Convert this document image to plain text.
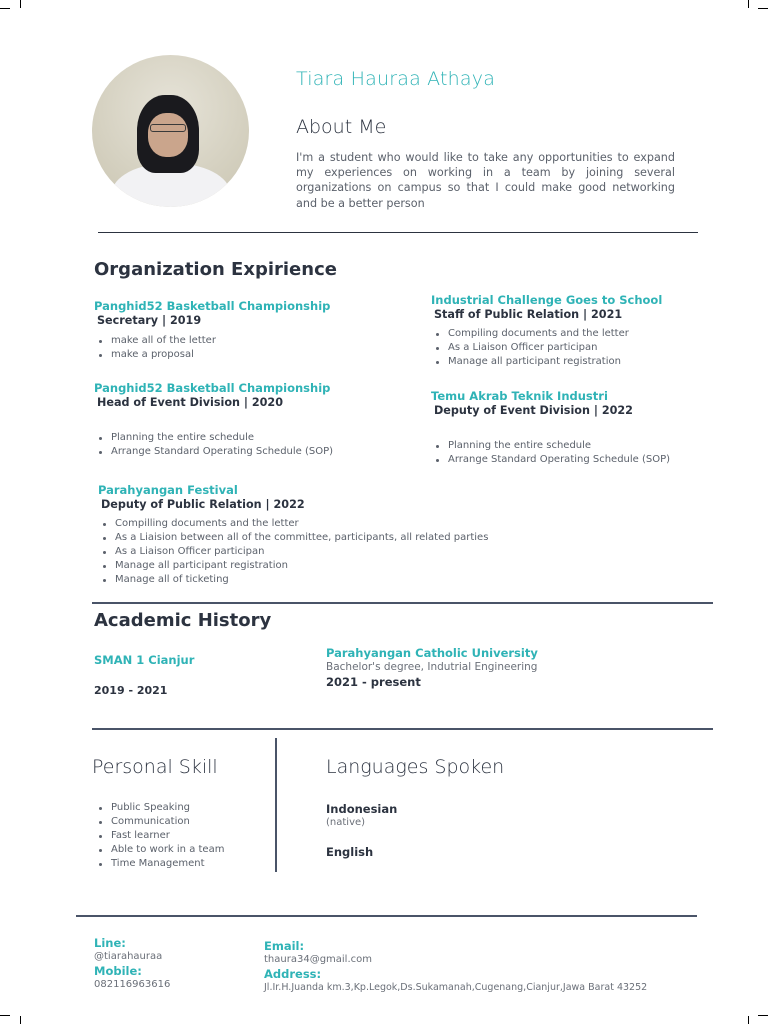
Tiara Hauraa Athaya
About Me
I'm a student who would like to take any opportunities to expand my experiences on working in a team by joining several organizations on campus so that I could make good networking and be a better person
Organization Expirience
Panghid52 Basketball Championship
Secretary | 2019
make all of the letter
make a proposal
Industrial Challenge Goes to School
Staff of Public Relation | 2021
Compiling documents and the letter
As a Liaison Officer participan
Manage all participant registration
Panghid52 Basketball Championship
Head of Event Division | 2020
Planning the entire schedule
Arrange Standard Operating Schedule (SOP)
Temu Akrab Teknik Industri
Deputy of Event Division | 2022
Planning the entire schedule
Arrange Standard Operating Schedule (SOP)
Parahyangan Festival
Deputy of Public Relation | 2022
Compilling documents and the letter
As a Liaision between all of the committee, participants, all related parties
As a Liaison Officer participan
Manage all participant registration
Manage all of ticketing
Academic History
SMAN 1 Cianjur
2019 - 2021
Parahyangan Catholic University
Bachelor's degree, Indutrial Engineering
2021 - present
Personal Skill
Public Speaking
Communication
Fast learner
Able to work in a team
Time Management
Languages Spoken
Indonesian
(native)
English
Line:
@tiarahauraa
Mobile:
082116963616
Email:
thaura34@gmail.com
Address:
Jl.Ir.H.Juanda km.3,Kp.Legok,Ds.Sukamanah,Cugenang,Cianjur,Jawa Barat 43252
